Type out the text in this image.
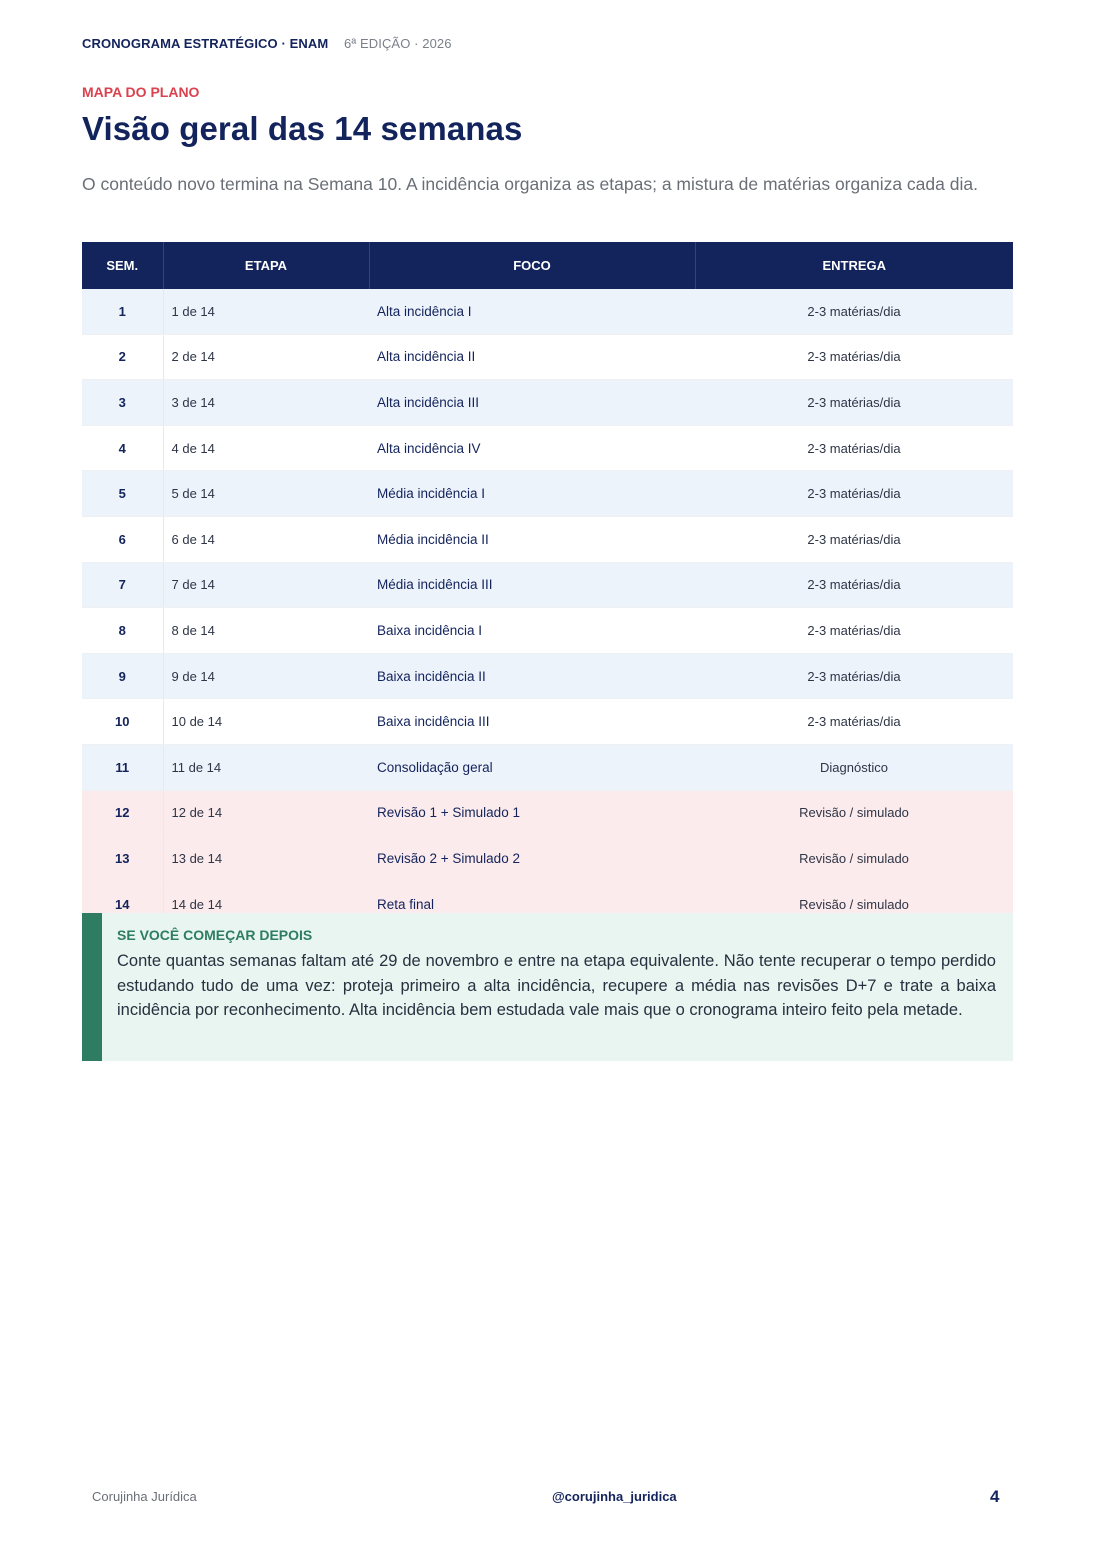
CRONOGRAMA ESTRATÉGICO · ENAM 6ª EDIÇÃO · 2026
MAPA DO PLANO
Visão geral das 14 semanas

O conteúdo novo termina na Semana 10. A incidência organiza as etapas; a mistura de matérias organiza cada dia.

SEM.	ETAPA	FOCO	ENTREGA
1	1 de 14	Alta incidência I	2-3 matérias/dia
2	2 de 14	Alta incidência II	2-3 matérias/dia
3	3 de 14	Alta incidência III	2-3 matérias/dia
4	4 de 14	Alta incidência IV	2-3 matérias/dia
5	5 de 14	Média incidência I	2-3 matérias/dia
6	6 de 14	Média incidência II	2-3 matérias/dia
7	7 de 14	Média incidência III	2-3 matérias/dia
8	8 de 14	Baixa incidência I	2-3 matérias/dia
9	9 de 14	Baixa incidência II	2-3 matérias/dia
10	10 de 14	Baixa incidência III	2-3 matérias/dia
11	11 de 14	Consolidação geral	Diagnóstico
12	12 de 14	Revisão 1 + Simulado 1	Revisão / simulado
13	13 de 14	Revisão 2 + Simulado 2	Revisão / simulado
14	14 de 14	Reta final	Revisão / simulado
SE VOCÊ COMEÇAR DEPOIS

Conte quantas semanas faltam até 29 de novembro e entre na etapa equivalente. Não tente recuperar o tempo perdido estudando tudo de uma vez: proteja primeiro a alta incidência, recupere a média nas revisões D+7 e trate a baixa incidência por reconhecimento. Alta incidência bem estudada vale mais que o cronograma inteiro feito pela metade.

Corujinha Jurídica	@corujinha_juridica	4
